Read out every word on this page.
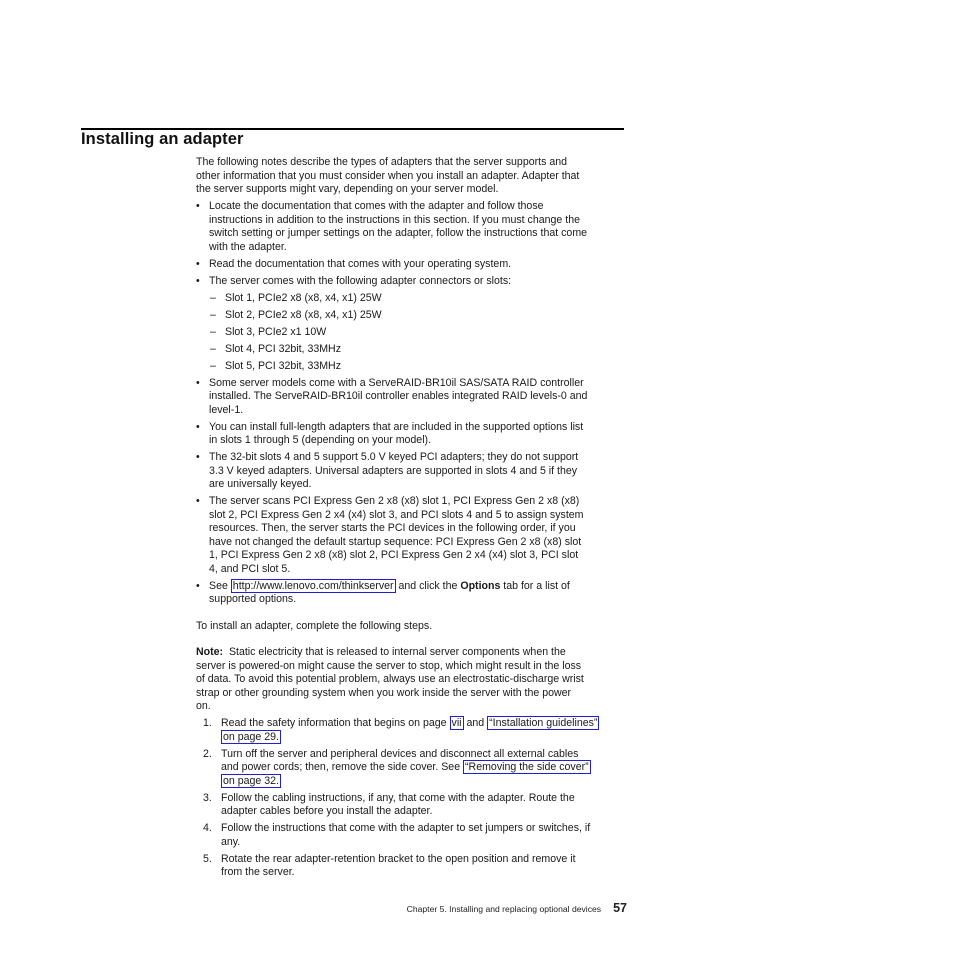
Installing an adapter

The following notes describe the types of adapters that the server supports and
other information that you must consider when you install an adapter. Adapter that
the server supports might vary, depending on your server model.

• Locate the documentation that comes with the adapter and follow those
instructions in addition to the instructions in this section. If you must change the
switch setting or jumper settings on the adapter, follow the instructions that come
with the adapter.
• Read the documentation that comes with your operating system.
• The server comes with the following adapter connectors or slots:
– Slot 1, PCIe2 x8 (x8, x4, x1) 25W
– Slot 2, PCIe2 x8 (x8, x4, x1) 25W
– Slot 3, PCIe2 x1 10W
– Slot 4, PCI 32bit, 33MHz
– Slot 5, PCI 32bit, 33MHz
• Some server models come with a ServeRAID-BR10il SAS/SATA RAID controller
installed. The ServeRAID-BR10il controller enables integrated RAID levels-0 and
level-1.
• You can install full-length adapters that are included in the supported options list
in slots 1 through 5 (depending on your model).
• The 32-bit slots 4 and 5 support 5.0 V keyed PCI adapters; they do not support
3.3 V keyed adapters. Universal adapters are supported in slots 4 and 5 if they
are universally keyed.
• The server scans PCI Express Gen 2 x8 (x8) slot 1, PCI Express Gen 2 x8 (x8)
slot 2, PCI Express Gen 2 x4 (x4) slot 3, and PCI slots 4 and 5 to assign system
resources. Then, the server starts the PCI devices in the following order, if you
have not changed the default startup sequence: PCI Express Gen 2 x8 (x8) slot
1, PCI Express Gen 2 x8 (x8) slot 2, PCI Express Gen 2 x4 (x4) slot 3, PCI slot
4, and PCI slot 5.
• See http://www.lenovo.com/thinkserver and click the Options tab for a list of
supported options.

To install an adapter, complete the following steps.

Note:  Static electricity that is released to internal server components when the
server is powered-on might cause the server to stop, which might result in the loss
of data. To avoid this potential problem, always use an electrostatic-discharge wrist
strap or other grounding system when you work inside the server with the power
on.

1. Read the safety information that begins on page vii and “Installation guidelines”
on page 29.
2. Turn off the server and peripheral devices and disconnect all external cables
and power cords; then, remove the side cover. See “Removing the side cover”
on page 32.
3. Follow the cabling instructions, if any, that come with the adapter. Route the
adapter cables before you install the adapter.
4. Follow the instructions that come with the adapter to set jumpers or switches, if
any.
5. Rotate the rear adapter-retention bracket to the open position and remove it
from the server.
Chapter 5. Installing and replacing optional devices 57
